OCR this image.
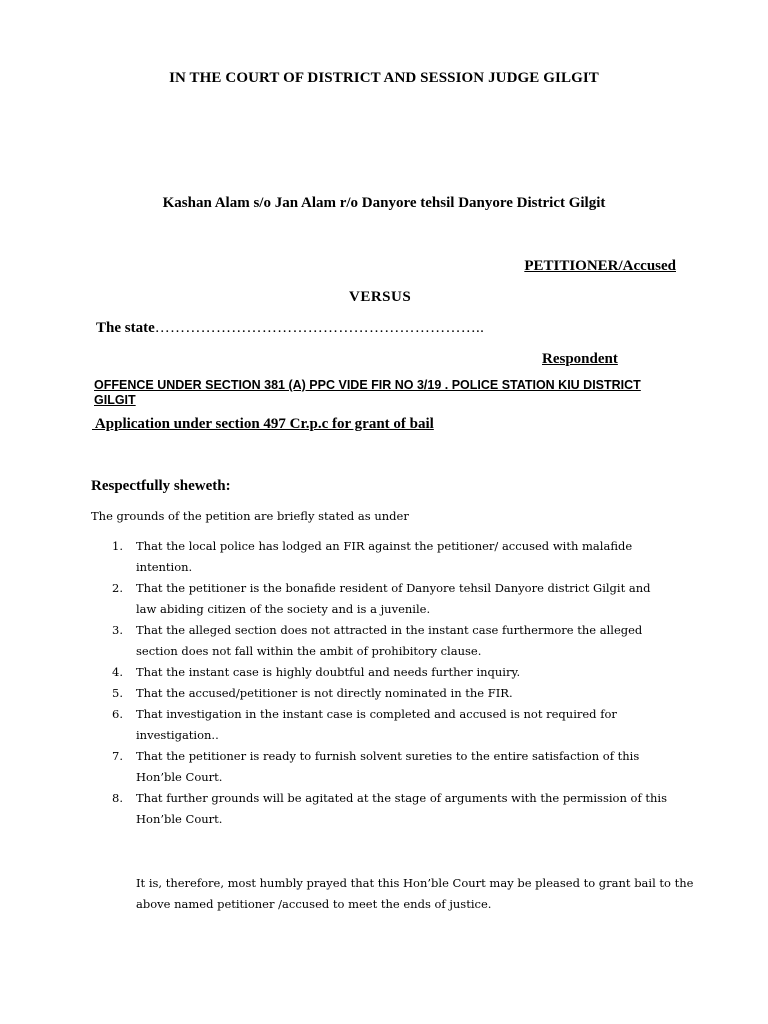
IN THE COURT OF DISTRICT AND SESSION JUDGE GILGIT
Kashan Alam s/o Jan Alam r/o Danyore tehsil Danyore District Gilgit
PETITIONER/Accused
VERSUS
The state………………………………………………………..
Respondent
OFFENCE UNDER SECTION 381 (A) PPC VIDE FIR NO 3/19 . POLICE STATION KIU DISTRICT GILGIT
Application under section 497 Cr.p.c for grant of bail
Respectfully sheweth:
The grounds of the petition are briefly stated as under
1. That the local police has lodged an FIR against the petitioner/ accused with malafide intention.
2. That the petitioner is the bonafide resident of Danyore tehsil Danyore district Gilgit and law abiding citizen of the society and is a juvenile.
3. That the alleged section does not attracted in the instant case furthermore the alleged section does not fall within the ambit of prohibitory clause.
4. That the instant case is highly doubtful and needs further inquiry.
5. That the accused/petitioner is not directly nominated in the FIR.
6. That investigation in the instant case is completed and accused is not required for investigation..
7. That the petitioner is ready to furnish solvent sureties to the entire satisfaction of this Hon’ble Court.
8. That further grounds will be agitated at the stage of arguments with the permission of this Hon’ble Court.
It is, therefore, most humbly prayed that this Hon’ble Court may be pleased to grant bail to the above named petitioner /accused to meet the ends of justice.
